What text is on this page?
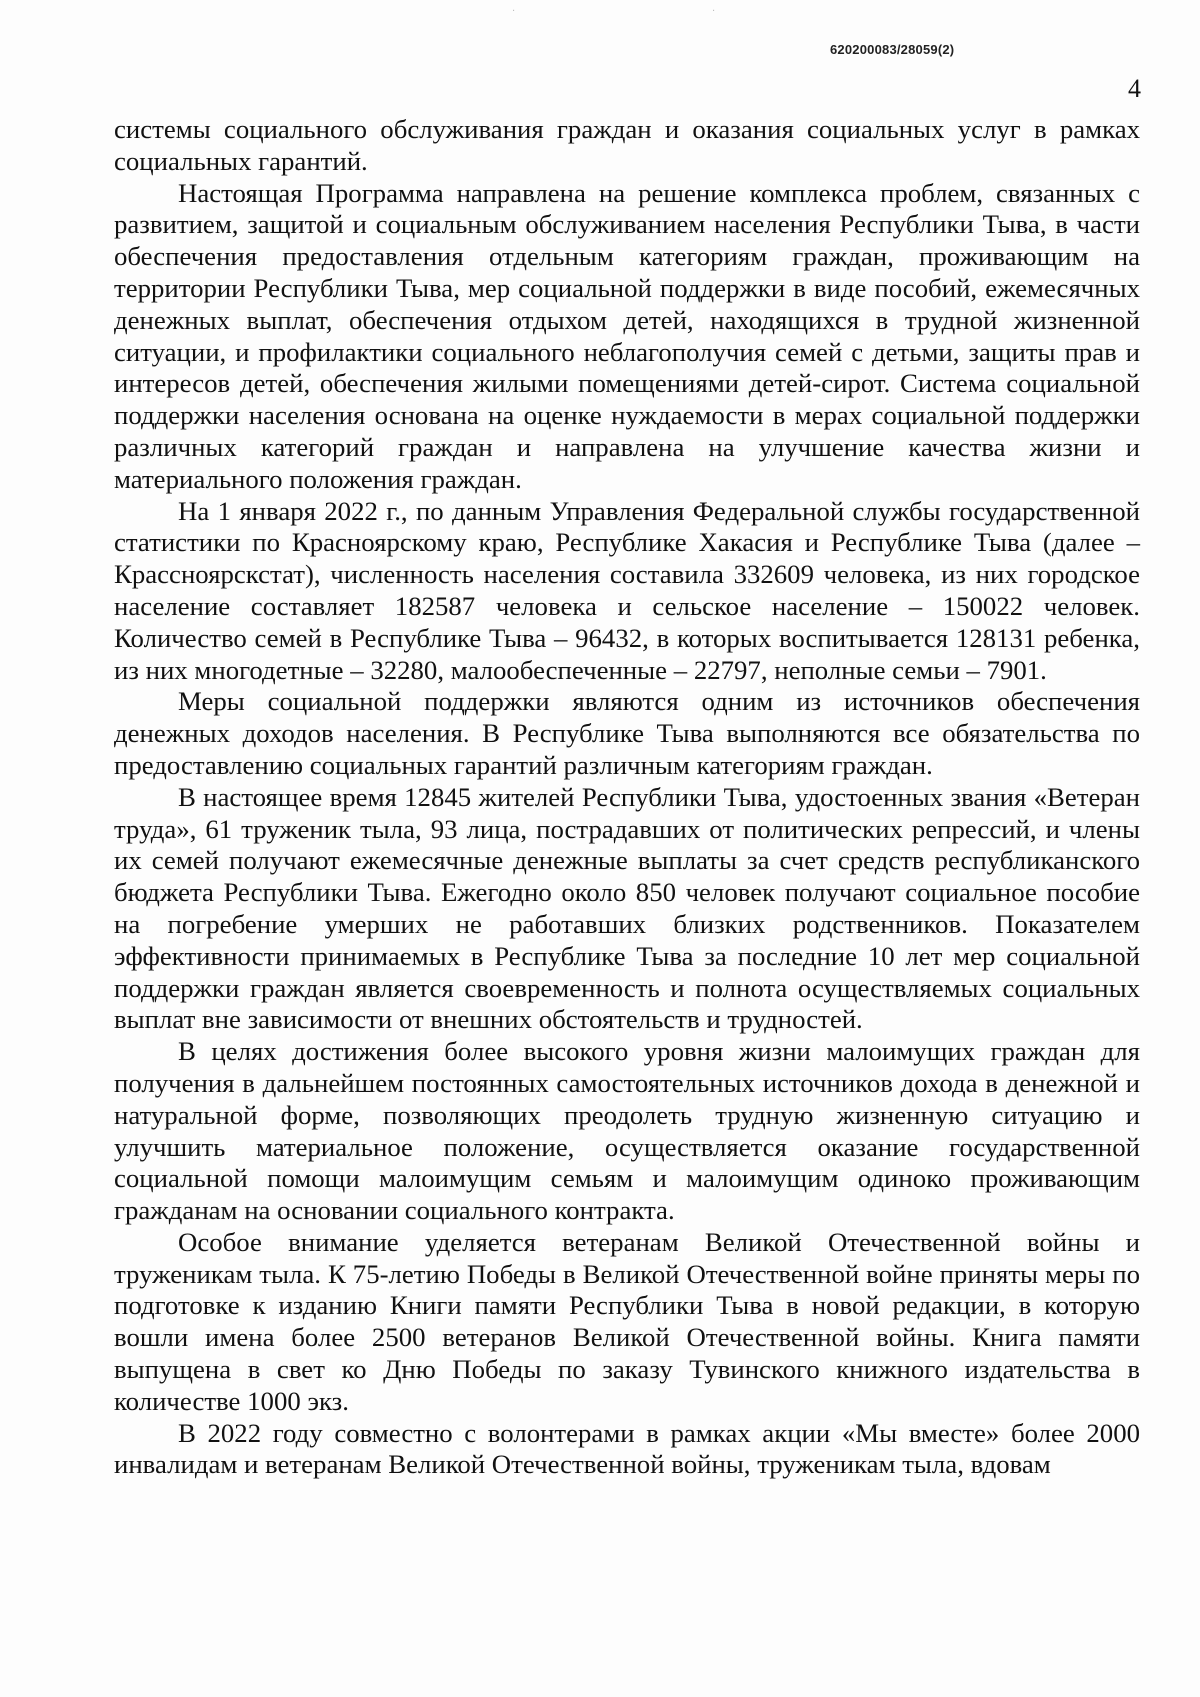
·	·
620200083/28059(2)
4

системы социального обслуживания граждан и оказания социальных услуг в рамках социальных гарантий.

Настоящая Программа направлена на решение комплекса проблем, связанных с развитием, защитой и социальным обслуживанием населения Республики Тыва, в части обеспечения предоставления отдельным категориям граждан, проживающим на территории Республики Тыва, мер социальной поддержки в виде пособий, ежемесячных денежных выплат, обеспечения отдыхом детей, находящихся в трудной жизненной ситуации, и профилактики социального неблагополучия семей с детьми, защиты прав и интересов детей, обеспечения жилыми помещениями детей-сирот. Система социальной поддержки населения основана на оценке нуждаемости в мерах социальной поддержки различных категорий граждан и направлена на улучшение качества жизни и материального положения граждан.

На 1 января 2022 г., по данным Управления Федеральной службы государственной статистики по Красноярскому краю, Республике Хакасия и Республике Тыва (далее – Крассноярскстат), численность населения составила 332609 человека, из них городское население составляет 182587 человека и сельское население – 150022 человек. Количество семей в Республике Тыва – 96432, в которых воспитывается 128131 ребенка, из них многодетные – 32280, малообеспеченные – 22797, неполные семьи – 7901.

Меры социальной поддержки являются одним из источников обеспечения денежных доходов населения. В Республике Тыва выполняются все обязательства по предоставлению социальных гарантий различным категориям граждан.

В настоящее время 12845 жителей Республики Тыва, удостоенных звания «Ветеран труда», 61 труженик тыла, 93 лица, пострадавших от политических репрессий, и члены их семей получают ежемесячные денежные выплаты за счет средств республиканского бюджета Республики Тыва. Ежегодно около 850 человек получают социальное пособие на погребение умерших не работавших близких родственников. Показателем эффективности принимаемых в Республике Тыва за последние 10 лет мер социальной поддержки граждан является своевременность и полнота осуществляемых социальных выплат вне зависимости от внешних обстоятельств и трудностей.

В целях достижения более высокого уровня жизни малоимущих граждан для получения в дальнейшем постоянных самостоятельных источников дохода в денежной и натуральной форме, позволяющих преодолеть трудную жизненную ситуацию и улучшить материальное положение, осуществляется оказание государственной социальной помощи малоимущим семьям и малоимущим одиноко проживающим гражданам на основании социального контракта.

Особое внимание уделяется ветеранам Великой Отечественной войны и труженикам тыла. К 75-летию Победы в Великой Отечественной войне приняты меры по подготовке к изданию Книги памяти Республики Тыва в новой редакции, в которую вошли имена более 2500 ветеранов Великой Отечественной войны. Книга памяти выпущена в свет ко Дню Победы по заказу Тувинского книжного издательства в количестве 1000 экз.

В 2022 году совместно с волонтерами в рамках акции «Мы вместе» более 2000 инвалидам и ветеранам Великой Отечественной войны, труженикам тыла, вдовам
